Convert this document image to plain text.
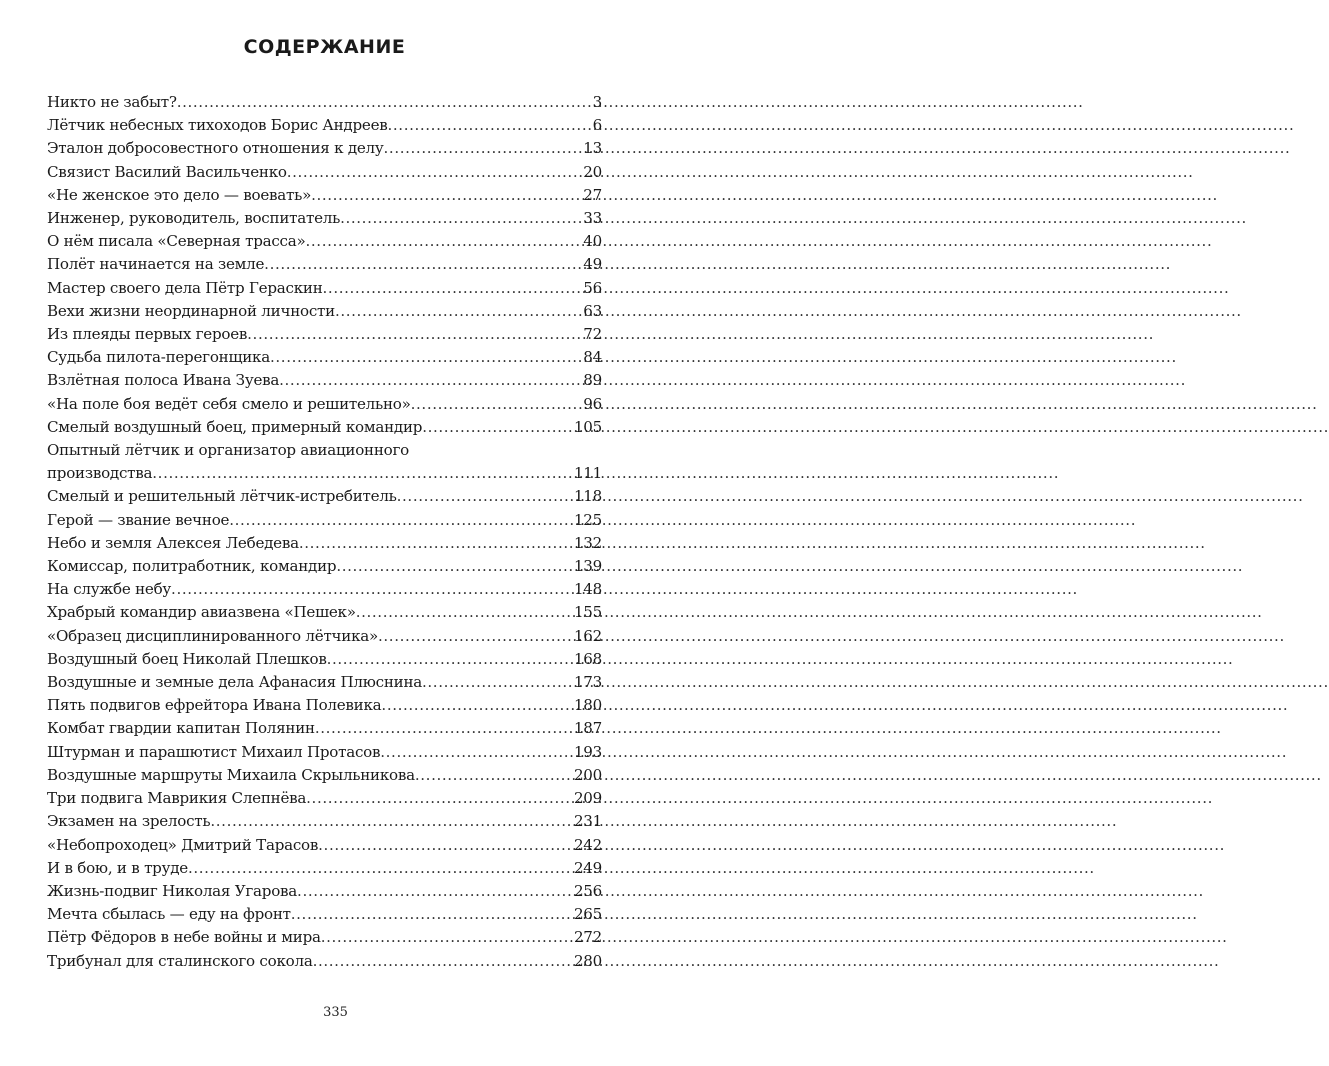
СОДЕРЖАНИЕ
Никто не забыт? .....	3
Лётчик небесных тихоходов Борис Андреев .....	6
Эталон добросовестного отношения к делу .....	13
Связист Василий Васильченко .....	20
«Не женское это дело — воевать» .....	27
Инженер, руководитель, воспитатель .....	33
О нём писала «Северная трасса» .....	40
Полёт начинается на земле .....	49
Мастер своего дела Пётр Гераскин .....	56
Вехи жизни неординарной личности .....	63
Из плеяды первых героев .....	72
Судьба пилота-перегонщика .....	84
Взлётная полоса Ивана Зуева .....	89
«На поле боя ведёт себя смело и решительно» .....	96
Смелый воздушный боец, примерный командир .....	105
Опытный лётчик и организатор авиационного
производства .....	111
Смелый и решительный лётчик-истребитель .....	118
Герой — звание вечное .....	125
Небо и земля Алексея Лебедева .....	132
Комиссар, политработник, командир .....	139
На службе небу .....	148
Храбрый командир авиазвена «Пешек» .....	155
«Образец дисциплинированного лётчика» .....	162
Воздушный боец Николай Плешков .....	168
Воздушные и земные дела Афанасия Плюснина .....	173
Пять подвигов ефрейтора Ивана Полевика .....	180
Комбат гвардии капитан Полянин .....	187
Штурман и парашютист Михаил Протасов .....	193
Воздушные маршруты Михаила Скрыльникова .....	200
Три подвига Маврикия Слепнёва .....	209
Экзамен на зрелость .....	231
«Небопроходец» Дмитрий Тарасов .....	242
И в бою, и в труде .....	249
Жизнь-подвиг Николая Угарова .....	256
Мечта сбылась — еду на фронт .....	265
Пётр Фёдоров в небе войны и мира .....	272
Трибунал для сталинского сокола .....	280
335
